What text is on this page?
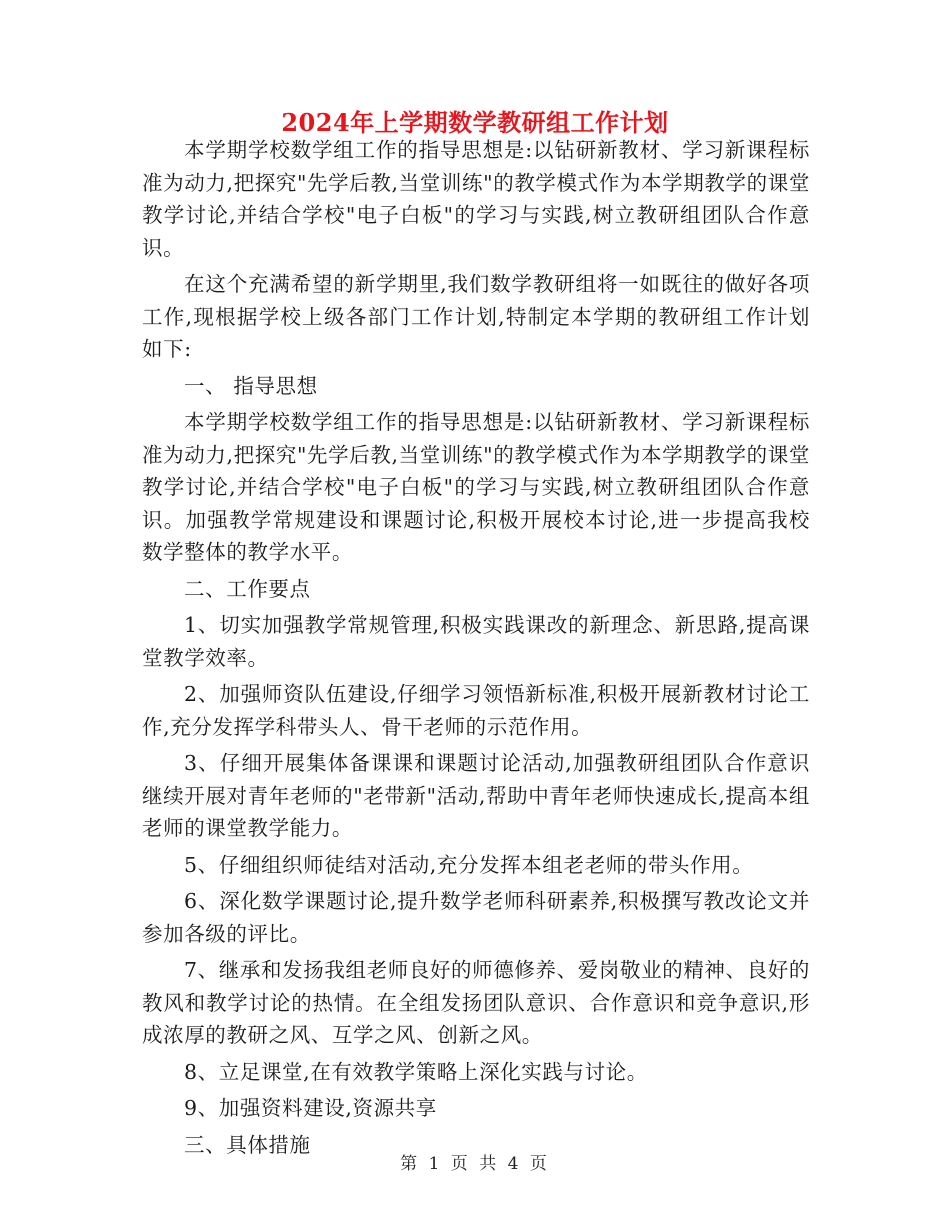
2024年上学期数学教研组工作计划

本学期学校数学组工作的指导思想是:以钻研新教材、学习新课程标准为动力,把探究"先学后教,当堂训练"的教学模式作为本学期教学的课堂教学讨论,并结合学校"电子白板"的学习与实践,树立教研组团队合作意识。

在这个充满希望的新学期里,我们数学教研组将一如既往的做好各项工作,现根据学校上级各部门工作计划,特制定本学期的教研组工作计划如下:

一、 指导思想

本学期学校数学组工作的指导思想是:以钻研新教材、学习新课程标准为动力,把探究"先学后教,当堂训练"的教学模式作为本学期教学的课堂教学讨论,并结合学校"电子白板"的学习与实践,树立教研组团队合作意识。加强教学常规建设和课题讨论,积极开展校本讨论,进一步提高我校数学整体的教学水平。

二、工作要点

1、切实加强教学常规管理,积极实践课改的新理念、新思路,提高课堂教学效率。

2、加强师资队伍建设,仔细学习领悟新标准,积极开展新教材讨论工作,充分发挥学科带头人、骨干老师的示范作用。

3、仔细开展集体备课课和课题讨论活动,加强教研组团队合作意识继续开展对青年老师的"老带新"活动,帮助中青年老师快速成长,提高本组老师的课堂教学能力。

5、仔细组织师徒结对活动,充分发挥本组老老师的带头作用。

6、深化数学课题讨论,提升数学老师科研素养,积极撰写教改论文并参加各级的评比。

7、继承和发扬我组老师良好的师德修养、爱岗敬业的精神、良好的教风和教学讨论的热情。在全组发扬团队意识、合作意识和竞争意识,形成浓厚的教研之风、互学之风、创新之风。

8、立足课堂,在有效教学策略上深化实践与讨论。

9、加强资料建设,资源共享

三、具体措施

第 1 页 共 4 页
